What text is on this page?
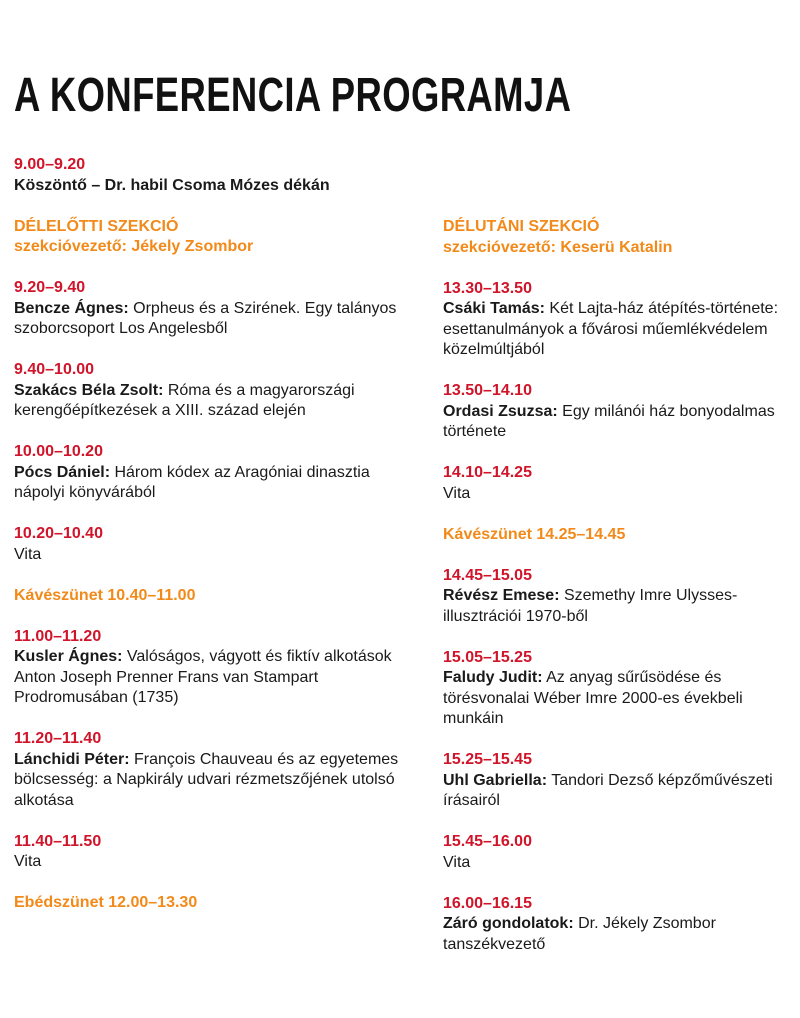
A KONFERENCIA PROGRAMJA
9.00–9.20
Köszöntő – Dr. habil Csoma Mózes dékán
DÉLELŐTTI SZEKCIÓ
szekcióvezető: Jékely Zsombor
9.20–9.40
Bencze Ágnes: Orpheus és a Szirének. Egy talányos szoborcsoport Los Angelesből
9.40–10.00
Szakács Béla Zsolt: Róma és a magyarországi kerengőépítkezések a XIII. század elején
10.00–10.20
Pócs Dániel: Három kódex az Aragóniai dinasztia nápolyi könyvárából
10.20–10.40
Vita
Kávészünet 10.40–11.00
11.00–11.20
Kusler Ágnes: Valóságos, vágyott és fiktív alkotások Anton Joseph Prenner Frans van Stampart Prodromusában (1735)
11.20–11.40
Lánchidi Péter: François Chauveau és az egyetemes bölcsesség: a Napkirály udvari rézmetszőjének utolsó alkotása
11.40–11.50
Vita
Ebédszünet 12.00–13.30
DÉLUTÁNI SZEKCIÓ
szekcióvezető: Keserü Katalin
13.30–13.50
Csáki Tamás: Két Lajta-ház átépítés-története: esettanulmányok a fővárosi műemlékvédelem közelmúltjából
13.50–14.10
Ordasi Zsuzsa: Egy milánói ház bonyodalmas története
14.10–14.25
Vita
Kávészünet 14.25–14.45
14.45–15.05
Révész Emese: Szemethy Imre Ulysses-illusztrációi 1970-ből
15.05–15.25
Faludy Judit: Az anyag sűrűsödése és törésvonalai Wéber Imre 2000-es évekbeli munkáin
15.25–15.45
Uhl Gabriella: Tandori Dezső képzőművészeti írásairól
15.45–16.00
Vita
16.00–16.15
Záró gondolatok: Dr. Jékely Zsombor tanszékvezető
